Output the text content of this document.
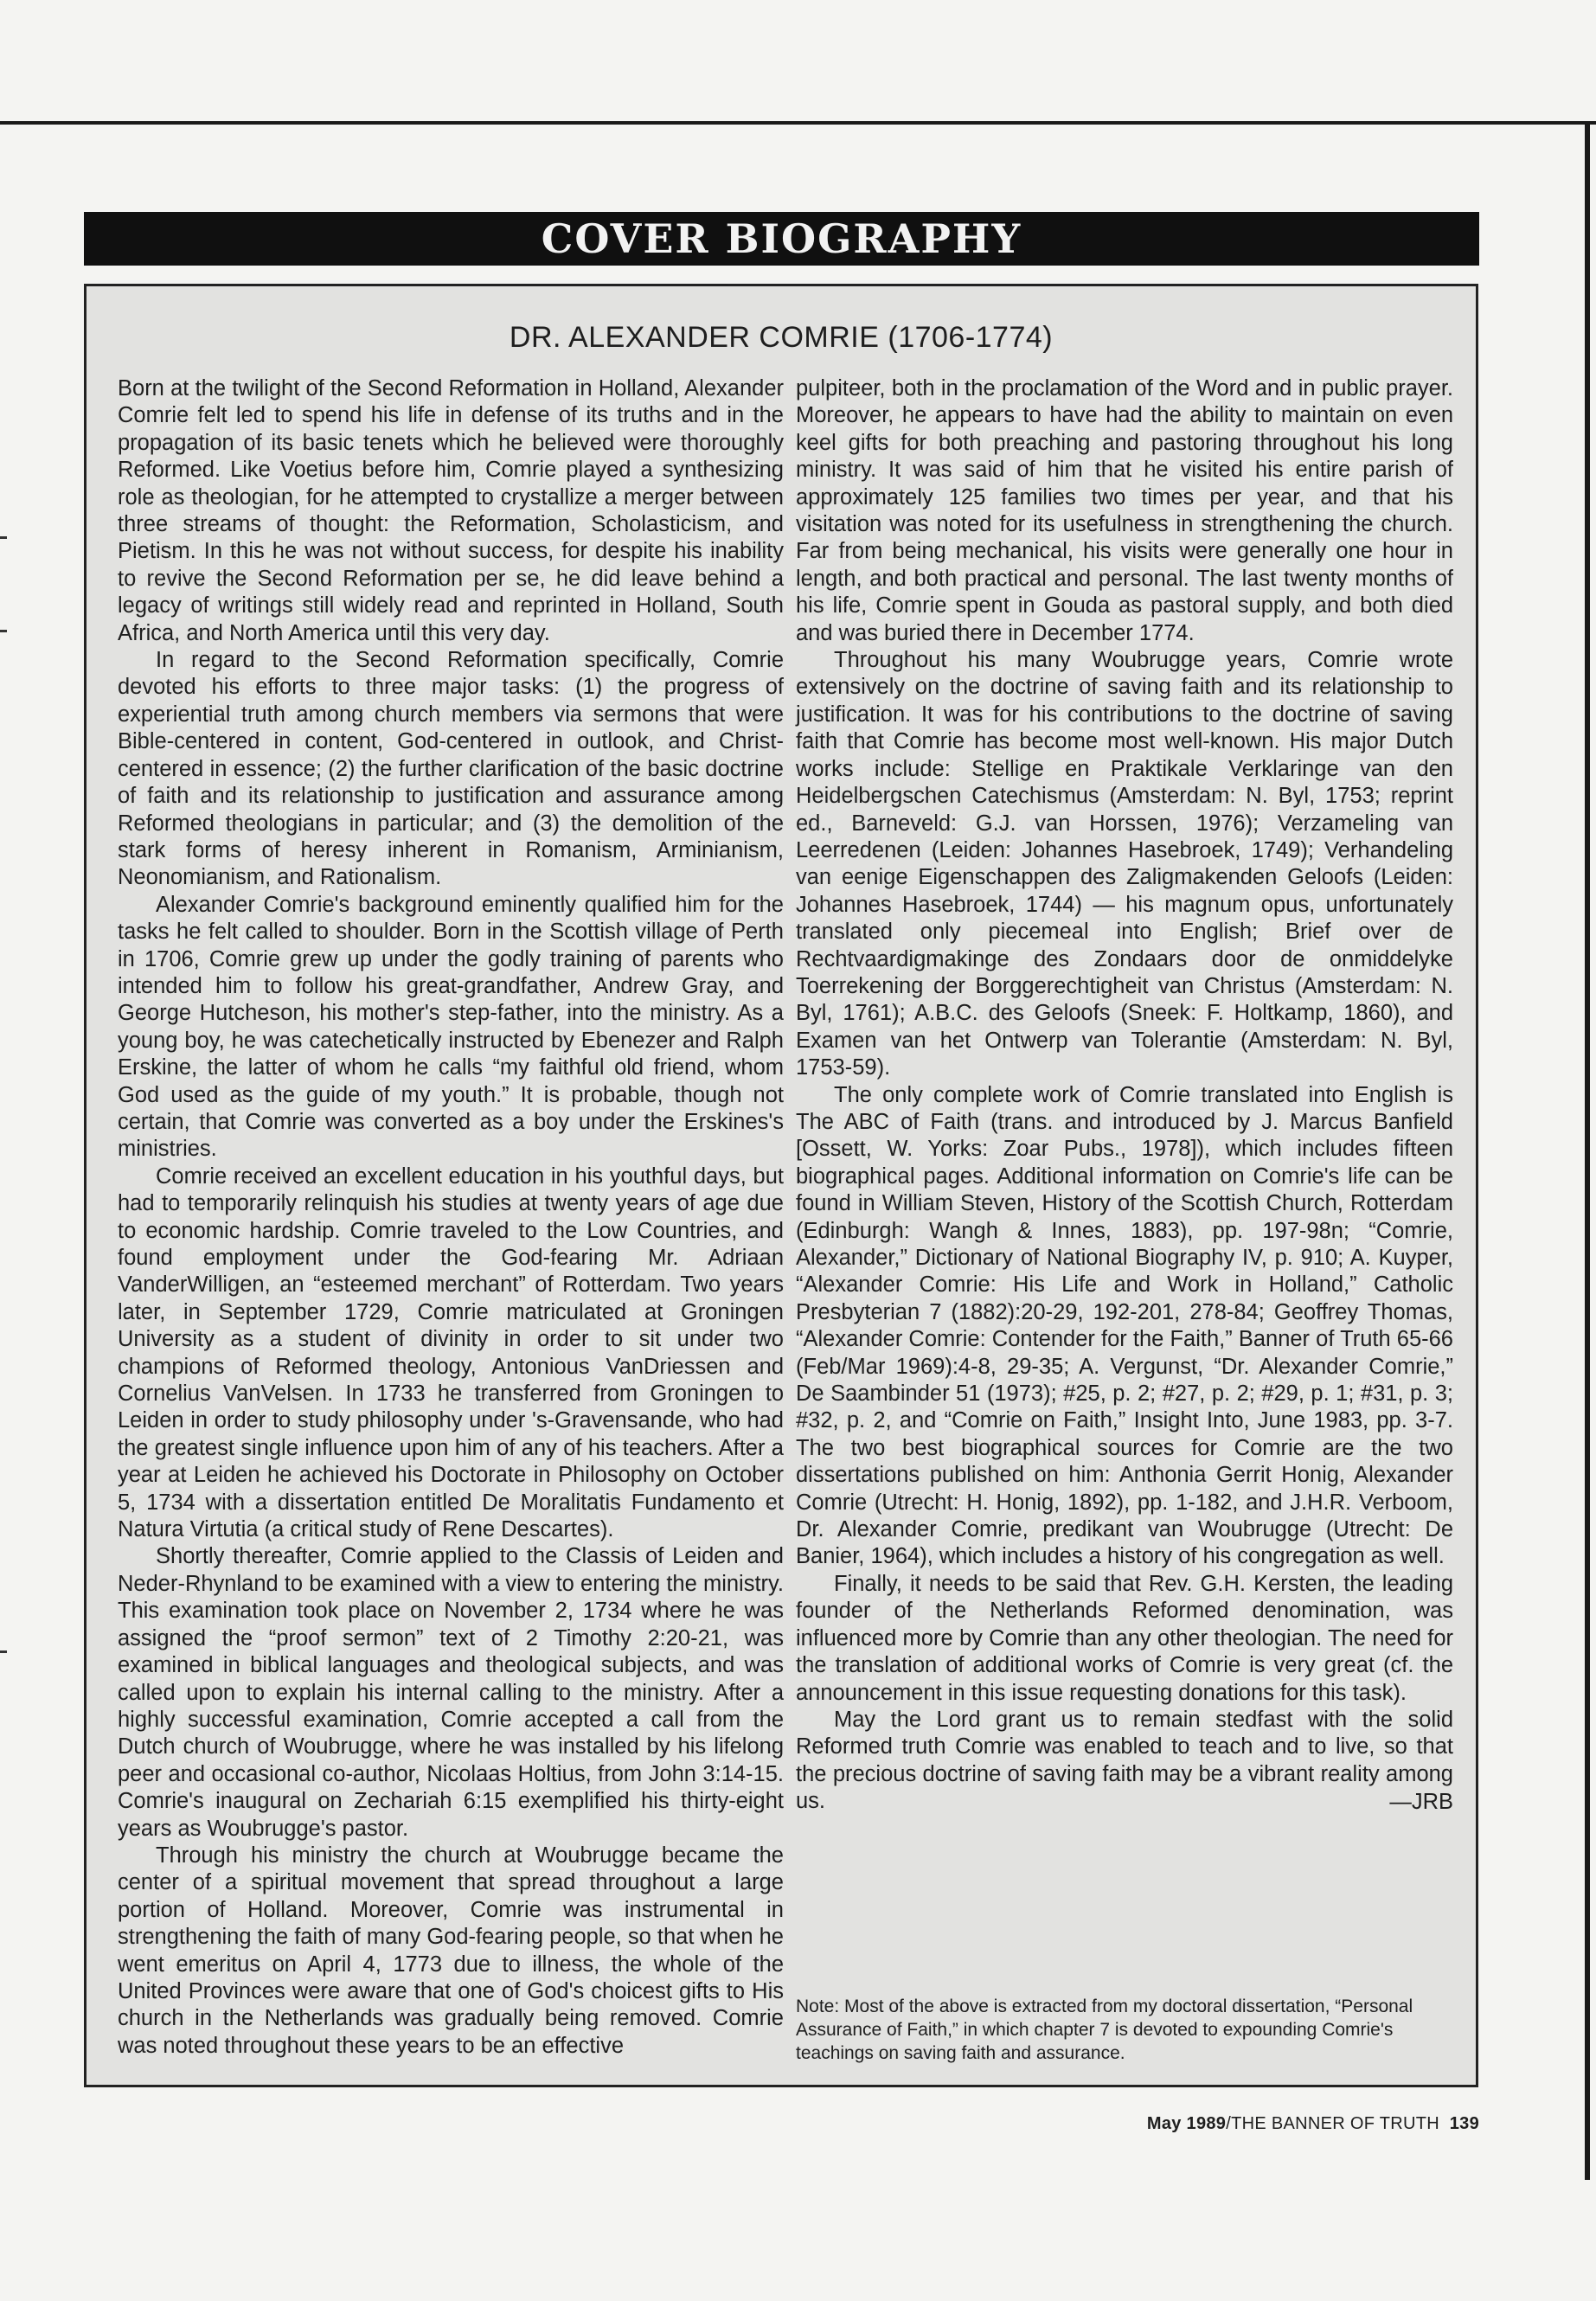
COVER BIOGRAPHY
DR. ALEXANDER COMRIE (1706-1774)

Born at the twilight of the Second Reformation in Holland, Alexander Comrie felt led to spend his life in defense of its truths and in the propagation of its basic tenets which he believed were thoroughly Reformed. Like Voetius before him, Comrie played a synthesizing role as theologian, for he attempted to crystallize a merger between three streams of thought: the Reformation, Scholasticism, and Pietism. In this he was not without success, for despite his inability to revive the Second Reformation per se, he did leave behind a legacy of writings still widely read and reprinted in Holland, South Africa, and North America until this very day.

In regard to the Second Reformation specifically, Comrie devoted his efforts to three major tasks: (1) the progress of experiential truth among church members via sermons that were Bible-centered in content, God-centered in outlook, and Christ-centered in essence; (2) the further clarification of the basic doctrine of faith and its relationship to justification and assurance among Reformed theologians in particular; and (3) the demolition of the stark forms of heresy inherent in Romanism, Arminianism, Neonomianism, and Rationalism.

Alexander Comrie's background eminently qualified him for the tasks he felt called to shoulder. Born in the Scottish village of Perth in 1706, Comrie grew up under the godly training of parents who intended him to follow his great-grandfather, Andrew Gray, and George Hutcheson, his mother's step-father, into the ministry. As a young boy, he was catechetically instructed by Ebenezer and Ralph Erskine, the latter of whom he calls “my faithful old friend, whom God used as the guide of my youth.” It is probable, though not certain, that Comrie was converted as a boy under the Erskines's ministries.

Comrie received an excellent education in his youthful days, but had to temporarily relinquish his studies at twenty years of age due to economic hardship. Comrie traveled to the Low Countries, and found employment under the God-fearing Mr. Adriaan VanderWilligen, an “esteemed merchant” of Rotterdam. Two years later, in September 1729, Comrie matriculated at Groningen University as a student of divinity in order to sit under two champions of Reformed theology, Antonious VanDriessen and Cornelius VanVelsen. In 1733 he transferred from Groningen to Leiden in order to study philosophy under 's-Gravensande, who had the greatest single influence upon him of any of his teachers. After a year at Leiden he achieved his Doctorate in Philosophy on October 5, 1734 with a dissertation entitled De Moralitatis Fundamento et Natura Virtutia (a critical study of Rene Descartes).

Shortly thereafter, Comrie applied to the Classis of Leiden and Neder-Rhynland to be examined with a view to entering the ministry. This examination took place on November 2, 1734 where he was assigned the “proof sermon” text of 2 Timothy 2:20-21, was examined in biblical languages and theological subjects, and was called upon to explain his internal calling to the ministry. After a highly successful examination, Comrie accepted a call from the Dutch church of Woubrugge, where he was installed by his lifelong peer and occasional co-author, Nicolaas Holtius, from John 3:14-15. Comrie's inaugural on Zechariah 6:15 exemplified his thirty-eight years as Woubrugge's pastor.

Through his ministry the church at Woubrugge became the center of a spiritual movement that spread throughout a large portion of Holland. Moreover, Comrie was instrumental in strengthening the faith of many God-fearing people, so that when he went emeritus on April 4, 1773 due to illness, the whole of the United Provinces were aware that one of God's choicest gifts to His church in the Netherlands was gradually being removed. Comrie was noted throughout these years to be an effective

pulpiteer, both in the proclamation of the Word and in public prayer. Moreover, he appears to have had the ability to maintain on even keel gifts for both preaching and pastoring throughout his long ministry. It was said of him that he visited his entire parish of approximately 125 families two times per year, and that his visitation was noted for its usefulness in strengthening the church. Far from being mechanical, his visits were generally one hour in length, and both practical and personal. The last twenty months of his life, Comrie spent in Gouda as pastoral supply, and both died and was buried there in December 1774.

Throughout his many Woubrugge years, Comrie wrote extensively on the doctrine of saving faith and its relationship to justification. It was for his contributions to the doctrine of saving faith that Comrie has become most well-known. His major Dutch works include: Stellige en Praktikale Verklaringe van den Heidelbergschen Catechismus (Amsterdam: N. Byl, 1753; reprint ed., Barneveld: G.J. van Horssen, 1976); Verzameling van Leerredenen (Leiden: Johannes Hasebroek, 1749); Verhandeling van eenige Eigenschappen des Zaligmakenden Geloofs (Leiden: Johannes Hasebroek, 1744) — his magnum opus, unfortunately translated only piecemeal into English; Brief over de Rechtvaardigmakinge des Zondaars door de onmiddelyke Toerrekening der Borggerechtigheit van Christus (Amsterdam: N. Byl, 1761); A.B.C. des Geloofs (Sneek: F. Holtkamp, 1860), and Examen van het Ontwerp van Tolerantie (Amsterdam: N. Byl, 1753-59).

The only complete work of Comrie translated into English is The ABC of Faith (trans. and introduced by J. Marcus Banfield [Ossett, W. Yorks: Zoar Pubs., 1978]), which includes fifteen biographical pages. Additional information on Comrie's life can be found in William Steven, History of the Scottish Church, Rotterdam (Edinburgh: Wangh & Innes, 1883), pp. 197-98n; “Comrie, Alexander,” Dictionary of National Biography IV, p. 910; A. Kuyper, “Alexander Comrie: His Life and Work in Holland,” Catholic Presbyterian 7 (1882):20-29, 192-201, 278-84; Geoffrey Thomas, “Alexander Comrie: Contender for the Faith,” Banner of Truth 65-66 (Feb/Mar 1969):4-8, 29-35; A. Vergunst, “Dr. Alexander Comrie,” De Saambinder 51 (1973); #25, p. 2; #27, p. 2; #29, p. 1; #31, p. 3; #32, p. 2, and “Comrie on Faith,” Insight Into, June 1983, pp. 3-7. The two best biographical sources for Comrie are the two dissertations published on him: Anthonia Gerrit Honig, Alexander Comrie (Utrecht: H. Honig, 1892), pp. 1-182, and J.H.R. Verboom, Dr. Alexander Comrie, predikant van Woubrugge (Utrecht: De Banier, 1964), which includes a history of his congregation as well.

Finally, it needs to be said that Rev. G.H. Kersten, the leading founder of the Netherlands Reformed denomination, was influenced more by Comrie than any other theologian. The need for the translation of additional works of Comrie is very great (cf. the announcement in this issue requesting donations for this task).

May the Lord grant us to remain stedfast with the solid Reformed truth Comrie was enabled to teach and to live, so that the precious doctrine of saving faith may be a vibrant reality among us.	—JRB
Note: Most of the above is extracted from my doctoral dissertation, “Personal Assurance of Faith,” in which chapter 7 is devoted to expounding Comrie's teachings on saving faith and assurance.
May 1989/THE BANNER OF TRUTH 139
